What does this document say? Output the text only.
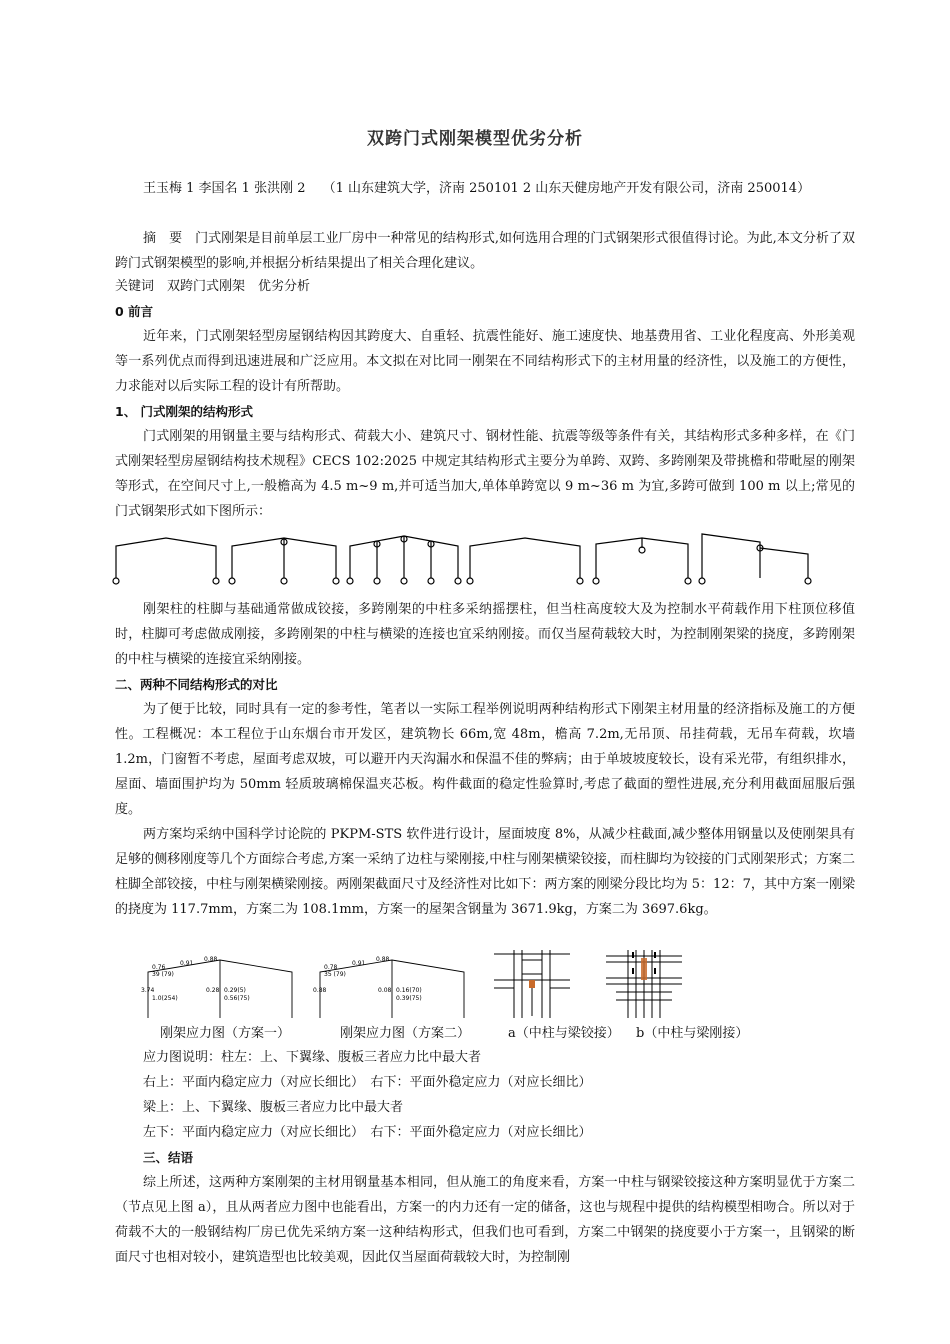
双跨门式刚架模型优劣分析

王玉梅 1 李国名 1 张洪刚 2　 （1 山东建筑大学，济南 250101 2 山东天健房地产开发有限公司，济南 250014）

摘　要　门式刚架是目前单层工业厂房中一种常见的结构形式,如何选用合理的门式钢架形式很值得讨论。为此,本文分析了双跨门式钢架模型的影响,并根据分析结果提出了相关合理化建议。

关键词　双跨门式刚架　优劣分析

0 前言

近年来，门式刚架轻型房屋钢结构因其跨度大、自重轻、抗震性能好、施工速度快、地基费用省、工业化程度高、外形美观等一系列优点而得到迅速进展和广泛应用。本文拟在对比同一刚架在不同结构形式下的主材用量的经济性，以及施工的方便性，力求能对以后实际工程的设计有所帮助。

1、 门式刚架的结构形式

门式刚架的用钢量主要与结构形式、荷载大小、建筑尺寸、钢材性能、抗震等级等条件有关，其结构形式多种多样，在《门式刚架轻型房屋钢结构技术规程》CECS 102:2025 中规定其结构形式主要分为单跨、双跨、多跨刚架及带挑檐和带毗屋的刚架等形式，在空间尺寸上,一般檐高为 4.5 m~9 m,并可适当加大,单体单跨宽以 9 m~36 m 为宜,多跨可做到 100 m 以上;常见的门式钢架形式如下图所示：

刚架柱的柱脚与基础通常做成铰接，多跨刚架的中柱多采纳摇摆柱，但当柱高度较大及为控制水平荷载作用下柱顶位移值时，柱脚可考虑做成刚接，多跨刚架的中柱与横梁的连接也宜采纳刚接。而仅当屋荷载较大时，为控制刚架梁的挠度，多跨刚架的中柱与横梁的连接宜采纳刚接。

二、两种不同结构形式的对比

为了便于比较，同时具有一定的参考性，笔者以一实际工程举例说明两种结构形式下刚架主材用量的经济指标及施工的方便性。工程概况：本工程位于山东烟台市开发区，建筑物长 66m,宽 48m，檐高 7.2m,无吊顶、吊挂荷载，无吊车荷载，坎墙 1.2m，门窗暂不考虑，屋面考虑双坡，可以避开内天沟漏水和保温不佳的弊病；由于单坡坡度较长，设有采光带，有组织排水，屋面、墙面围护均为 50mm 轻质玻璃棉保温夹芯板。构件截面的稳定性验算时,考虑了截面的塑性进展,充分利用截面屈服后强度。

两方案均采纳中国科学讨论院的 PKPM-STS 软件进行设计，屋面坡度 8%，从减少柱截面,减少整体用钢量以及使刚架具有足够的侧移刚度等几个方面综合考虑,方案一采纳了边柱与梁刚接,中柱与刚架横梁铰接，而柱脚均为铰接的门式刚架形式；方案二柱脚全部铰接，中柱与刚架横梁刚接。两刚架截面尺寸及经济性对比如下：两方案的刚梁分段比均为 5：12：7，其中方案一刚梁的挠度为 117.7mm，方案二为 108.1mm，方案一的屋架含钢量为 3671.9kg，方案二为 3697.6kg。

0.76
0.91
0.88
3.74	0.28
39 (79)
0.29(5)
0.56(75)
1.0(254)
0.78
0.91
0.88
0.88	0.08
35 (79)
0.16(70)
0.39(75)
刚架应力图（方案一）	刚架应力图（方案二）	a（中柱与梁铰接） b（中柱与梁刚接）

应力图说明：柱左：上、下翼缘、腹板三者应力比中最大者

右上：平面内稳定应力（对应长细比）　右下：平面外稳定应力（对应长细比）

梁上：上、下翼缘、腹板三者应力比中最大者

左下：平面内稳定应力（对应长细比）　右下：平面外稳定应力（对应长细比）

三、结语

综上所述，这两种方案刚架的主材用钢量基本相同，但从施工的角度来看，方案一中柱与钢梁铰接这种方案明显优于方案二（节点见上图 a），且从两者应力图中也能看出，方案一的内力还有一定的储备，这也与规程中提供的结构模型相吻合。所以对于荷载不大的一般钢结构厂房已优先采纳方案一这种结构形式，但我们也可看到，方案二中钢架的挠度要小于方案一，且钢梁的断面尺寸也相对较小，建筑造型也比较美观，因此仅当屋面荷载较大时，为控制刚
